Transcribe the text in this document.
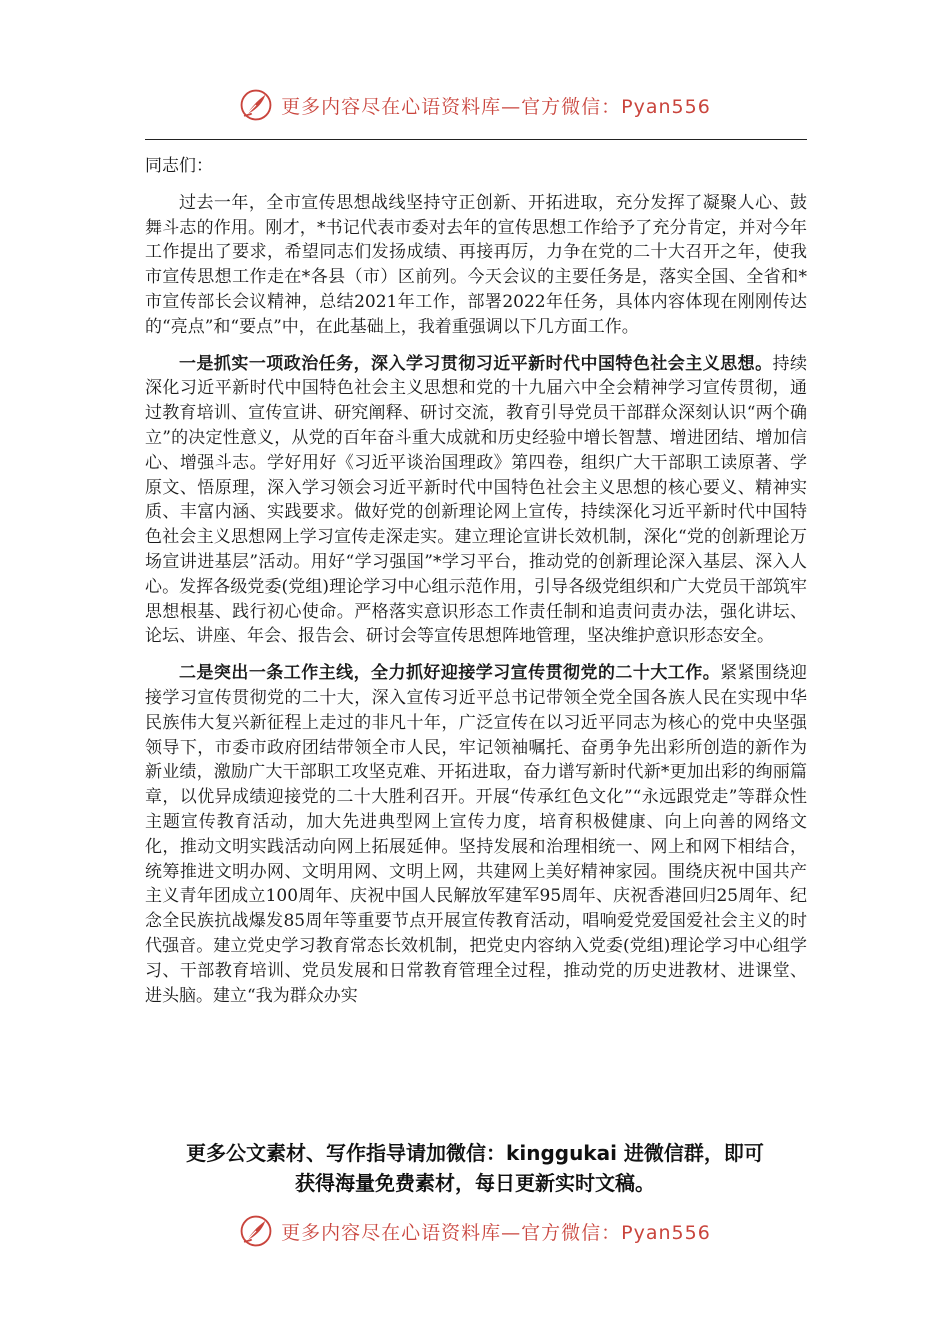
更多内容尽在心语资料库—官方微信：Pyan556

同志们：

过去一年，全市宣传思想战线坚持守正创新、开拓进取，充分发挥了凝聚人心、鼓舞斗志的作用。刚才，*书记代表市委对去年的宣传思想工作给予了充分肯定，并对今年工作提出了要求，希望同志们发扬成绩、再接再厉，力争在党的二十大召开之年，使我市宣传思想工作走在*各县（市）区前列。今天会议的主要任务是，落实全国、全省和*市宣传部长会议精神，总结2021年工作，部署2022年任务，具体内容体现在刚刚传达的“亮点”和“要点”中，在此基础上，我着重强调以下几方面工作。

一是抓实一项政治任务，深入学习贯彻习近平新时代中国特色社会主义思想。持续深化习近平新时代中国特色社会主义思想和党的十九届六中全会精神学习宣传贯彻，通过教育培训、宣传宣讲、研究阐释、研讨交流，教育引导党员干部群众深刻认识“两个确立”的决定性意义，从党的百年奋斗重大成就和历史经验中增长智慧、增进团结、增加信心、增强斗志。学好用好《习近平谈治国理政》第四卷，组织广大干部职工读原著、学原文、悟原理，深入学习领会习近平新时代中国特色社会主义思想的核心要义、精神实质、丰富内涵、实践要求。做好党的创新理论网上宣传，持续深化习近平新时代中国特色社会主义思想网上学习宣传走深走实。建立理论宣讲长效机制，深化“党的创新理论万场宣讲进基层”活动。用好“学习强国”*学习平台，推动党的创新理论深入基层、深入人心。发挥各级党委(党组)理论学习中心组示范作用，引导各级党组织和广大党员干部筑牢思想根基、践行初心使命。严格落实意识形态工作责任制和追责问责办法，强化讲坛、论坛、讲座、年会、报告会、研讨会等宣传思想阵地管理，坚决维护意识形态安全。

二是突出一条工作主线，全力抓好迎接学习宣传贯彻党的二十大工作。紧紧围绕迎接学习宣传贯彻党的二十大，深入宣传习近平总书记带领全党全国各族人民在实现中华民族伟大复兴新征程上走过的非凡十年，广泛宣传在以习近平同志为核心的党中央坚强领导下，市委市政府团结带领全市人民，牢记领袖嘱托、奋勇争先出彩所创造的新作为新业绩，激励广大干部职工攻坚克难、开拓进取，奋力谱写新时代新*更加出彩的绚丽篇章，以优异成绩迎接党的二十大胜利召开。开展“传承红色文化”“永远跟党走”等群众性主题宣传教育活动，加大先进典型网上宣传力度，培育积极健康、向上向善的网络文化，推动文明实践活动向网上拓展延伸。坚持发展和治理相统一、网上和网下相结合，统筹推进文明办网、文明用网、文明上网，共建网上美好精神家园。围绕庆祝中国共产主义青年团成立100周年、庆祝中国人民解放军建军95周年、庆祝香港回归25周年、纪念全民族抗战爆发85周年等重要节点开展宣传教育活动，唱响爱党爱国爱社会主义的时代强音。建立党史学习教育常态长效机制，把党史内容纳入党委(党组)理论学习中心组学习、干部教育培训、党员发展和日常教育管理全过程，推动党的历史进教材、进课堂、进头脑。建立“我为群众办实

更多公文素材、写作指导请加微信：kinggukai 进微信群，即可

获得海量免费素材，每日更新实时文稿。

更多内容尽在心语资料库—官方微信：Pyan556
